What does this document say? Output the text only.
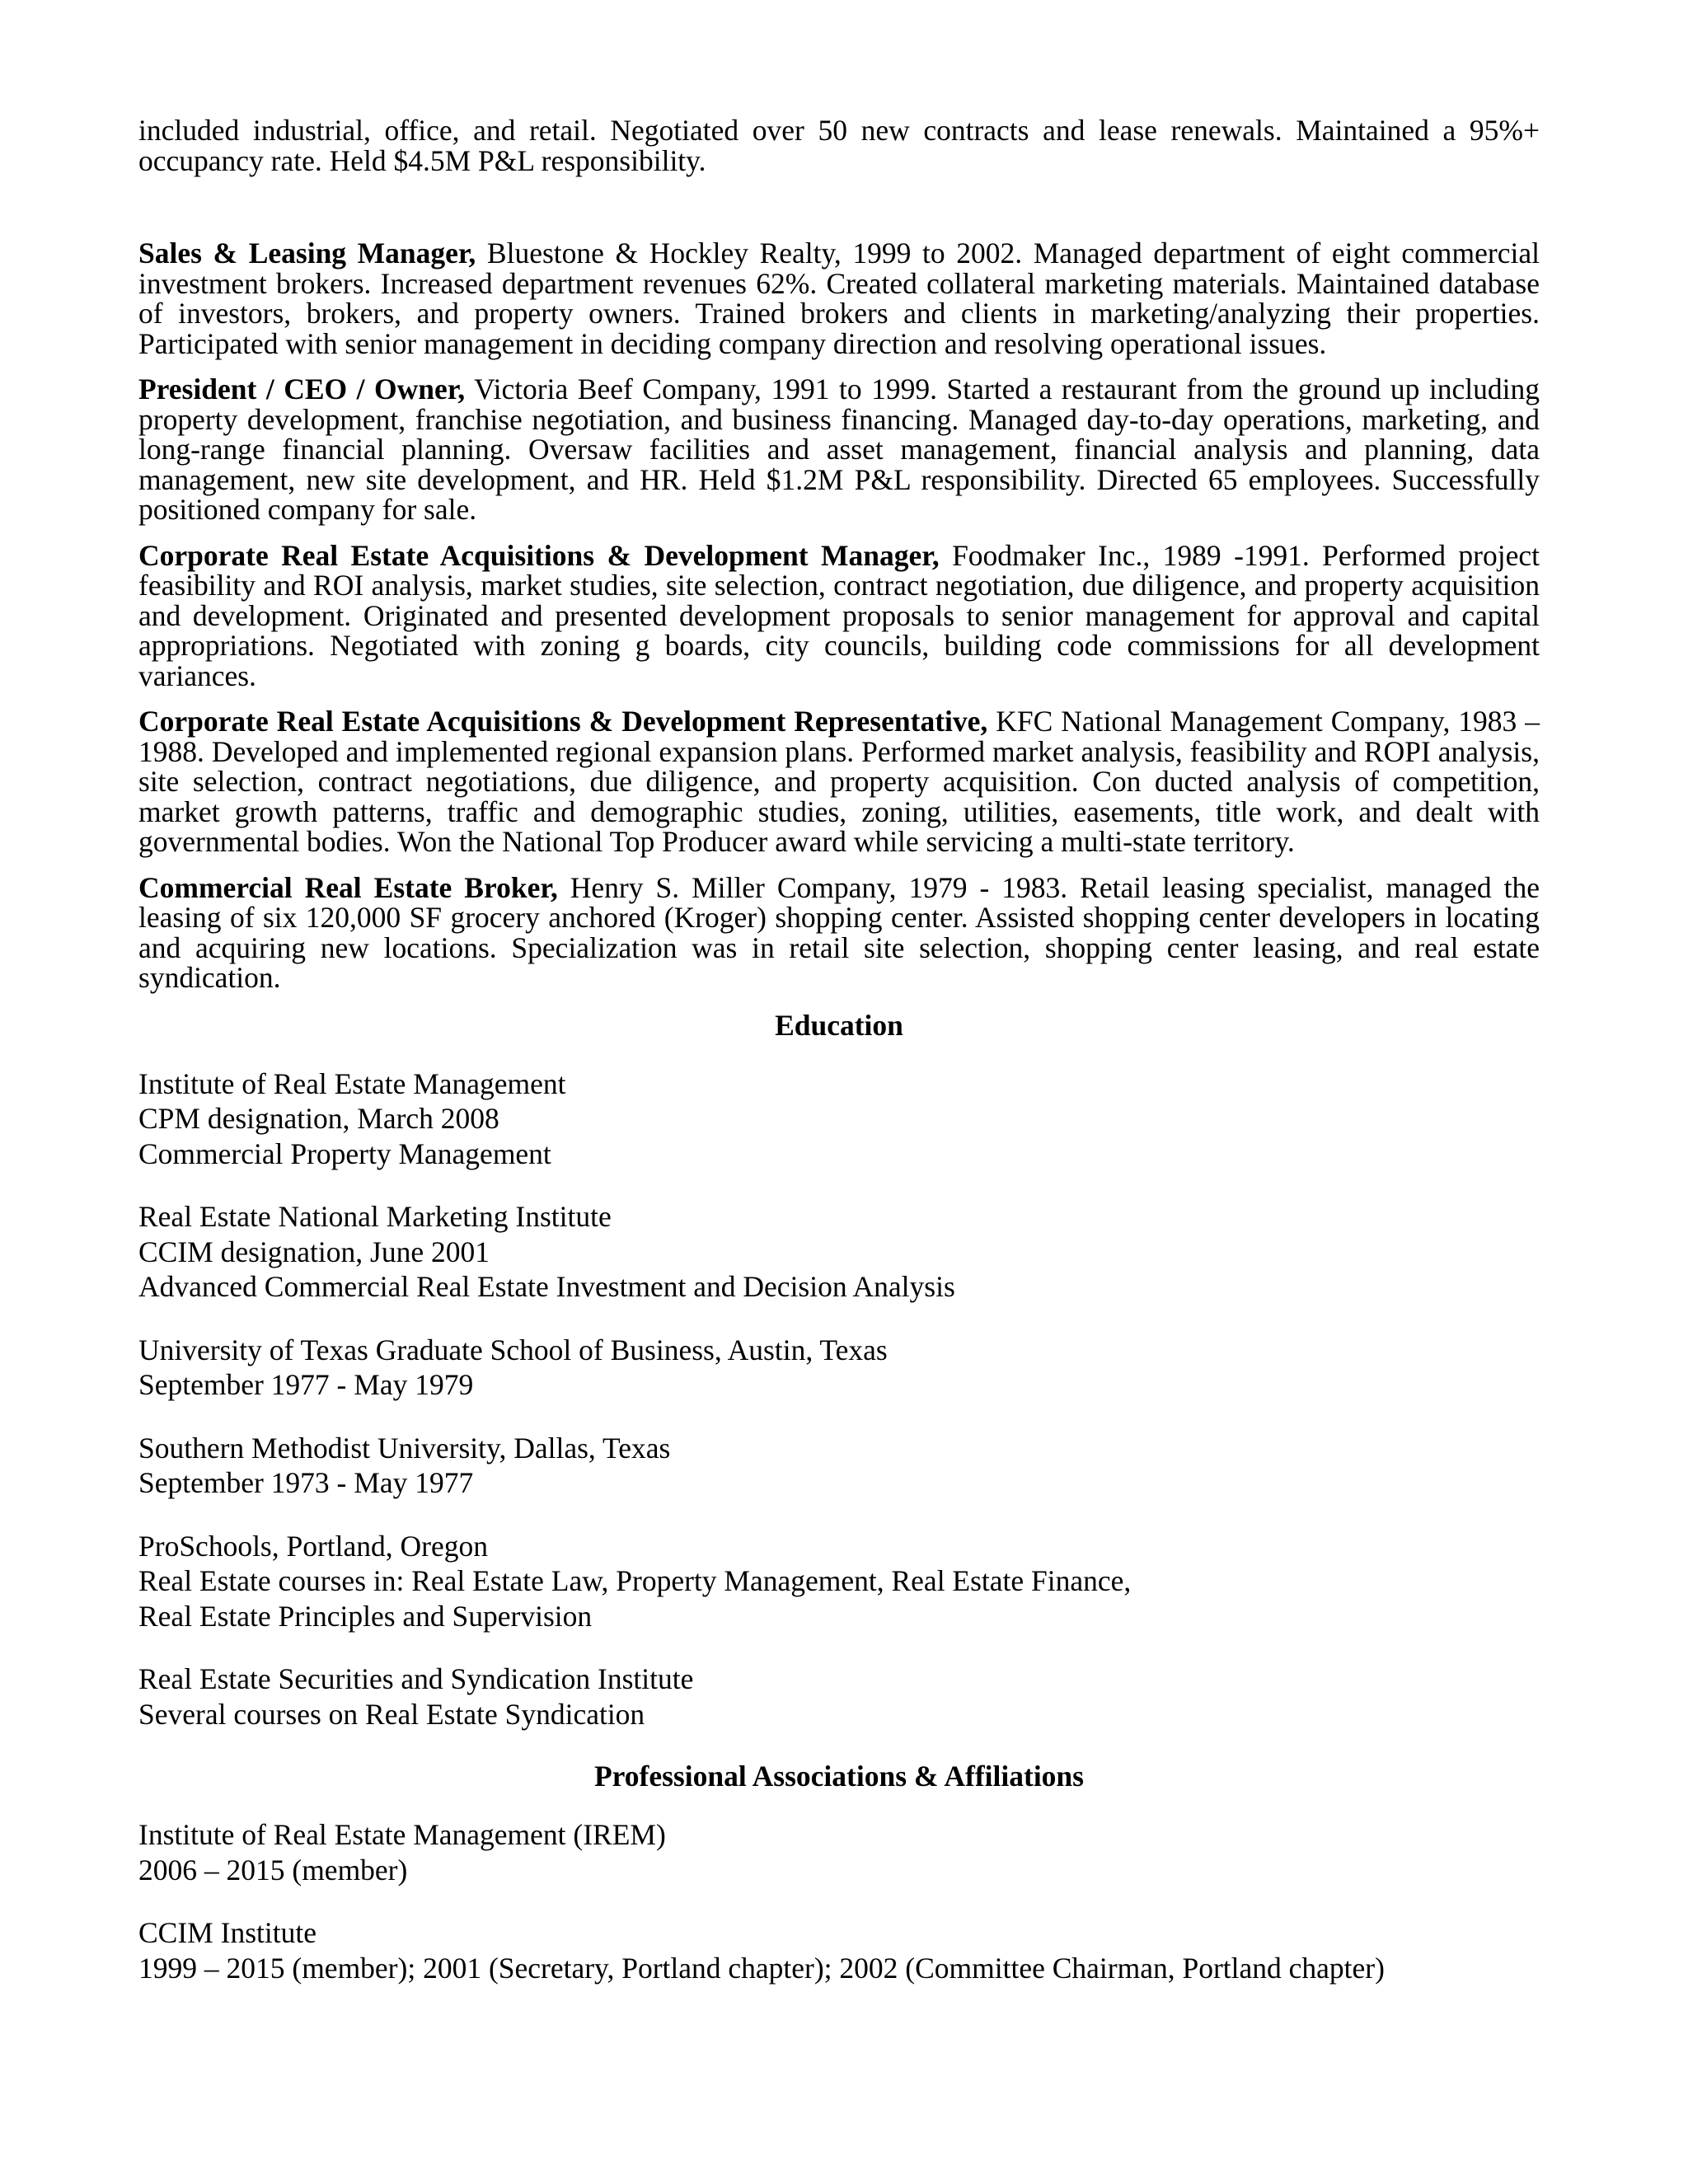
included industrial, office, and retail. Negotiated over 50 new contracts and lease renewals. Maintained a 95%+ occupancy rate. Held $4.5M P&L responsibility.

Sales & Leasing Manager, Bluestone & Hockley Realty, 1999 to 2002. Managed department of eight commercial investment brokers. Increased department revenues 62%. Created collateral marketing materials. Maintained database of investors, brokers, and property owners. Trained brokers and clients in marketing/analyzing their properties. Participated with senior management in deciding company direction and resolving operational issues.

President / CEO / Owner, Victoria Beef Company, 1991 to 1999. Started a restaurant from the ground up including property development, franchise negotiation, and business financing. Managed day-to-day operations, marketing, and long-range financial planning. Oversaw facilities and asset management, financial analysis and planning, data management, new site development, and HR. Held $1.2M P&L responsibility. Directed 65 employees. Successfully positioned company for sale.

Corporate Real Estate Acquisitions & Development Manager, Foodmaker Inc., 1989 -1991. Performed project feasibility and ROI analysis, market studies, site selection, contract negotiation, due diligence, and property acquisition and development. Originated and presented development proposals to senior management for approval and capital appropriations. Negotiated with zoning g boards, city councils, building code commissions for all development variances.

Corporate Real Estate Acquisitions & Development Representative, KFC National Management Company, 1983 – 1988. Developed and implemented regional expansion plans. Performed market analysis, feasibility and ROPI analysis, site selection, contract negotiations, due diligence, and property acquisition. Con ducted analysis of competition, market growth patterns, traffic and demographic studies, zoning, utilities, easements, title work, and dealt with governmental bodies. Won the National Top Producer award while servicing a multi-state territory.

Commercial Real Estate Broker, Henry S. Miller Company, 1979 - 1983. Retail leasing specialist, managed the leasing of six 120,000 SF grocery anchored (Kroger) shopping center. Assisted shopping center developers in locating and acquiring new locations. Specialization was in retail site selection, shopping center leasing, and real estate syndication.

Education
Institute of Real Estate Management
CPM designation, March 2008
Commercial Property Management
Real Estate National Marketing Institute
CCIM designation, June 2001
Advanced Commercial Real Estate Investment and Decision Analysis
University of Texas Graduate School of Business, Austin, Texas
September 1977 - May 1979
Southern Methodist University, Dallas, Texas
September 1973 - May 1977
ProSchools, Portland, Oregon
Real Estate courses in: Real Estate Law, Property Management, Real Estate Finance,
Real Estate Principles and Supervision
Real Estate Securities and Syndication Institute
Several courses on Real Estate Syndication
Professional Associations & Affiliations
Institute of Real Estate Management (IREM)
2006 – 2015 (member)
CCIM Institute
1999 – 2015 (member); 2001 (Secretary, Portland chapter); 2002 (Committee Chairman, Portland chapter)
